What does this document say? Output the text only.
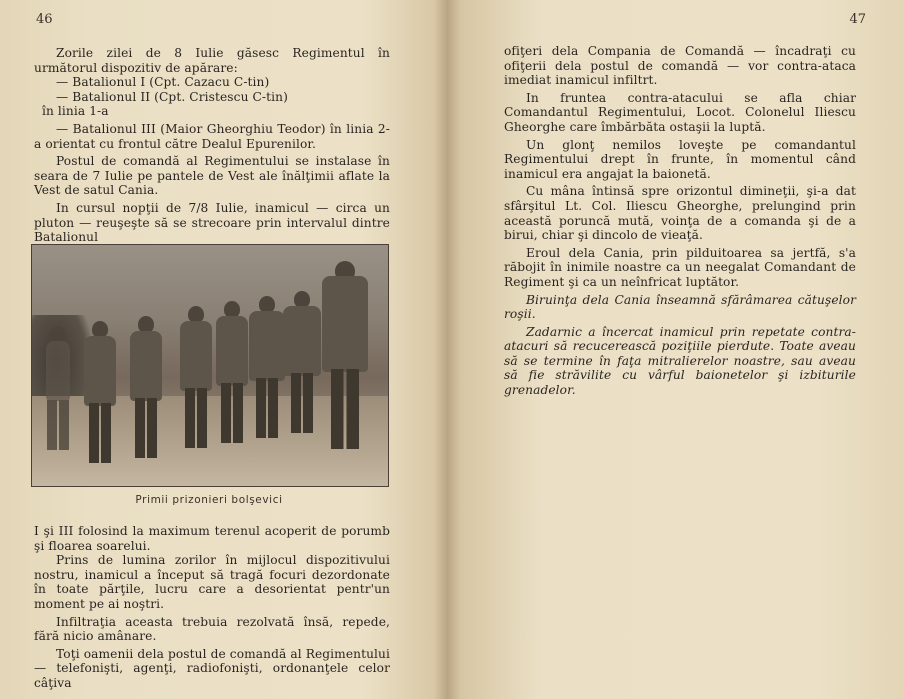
46

Zorile zilei de 8 Iulie găsesc Regimentul în următorul dispozitiv de apărare:

— Batalionul I (Cpt. Cazacu C-tin)

— Batalionul II (Cpt. Cristescu C-tin)

în linia 1-a

— Batalionul III (Maior Gheorghiu Teodor) în linia 2-a orientat cu frontul către Dealul Epurenilor.

Postul de comandă al Regimentului se instalase în seara de 7 Iulie pe pantele de Vest ale înălţimii aflate la Vest de satul Cania.

In cursul nopţii de 7/8 Iulie, inamicul — circa un pluton — reuşeşte să se strecoare prin intervalul dintre Batalionul

Primii prizonieri bolşevici

I şi III folosind la maximum terenul acoperit de porumb şi floarea soarelui.

Prins de lumina zorilor în mijlocul dispozitivului nostru, inamicul a început să tragă focuri dezordonate în toate părţile, lucru care a desorientat pentr'un moment pe ai noştri.

Infiltraţia aceasta trebuia rezolvată însă, repede, fără nicio amânare.

Toţi oamenii dela postul de comandă al Regimentului — telefonişti, agenţi, radiofonişti, ordonanţele celor câţiva

47

ofiţeri dela Compania de Comandă — încadraţi cu ofiţerii dela postul de comandă — vor contra-ataca imediat inamicul infiltrt.

In fruntea contra-atacului se afla chiar Comandantul Regimentului, Locot. Colonelul Iliescu Gheorghe care îmbărbăta ostaşii la luptă.

Un glonţ nemilos loveşte pe comandantul Regimentului drept în frunte, în momentul când inamicul era angajat la baionetă.

Cu mâna întinsă spre orizontul dimineţii, şi-a dat sfârşitul Lt. Col. Iliescu Gheorghe, prelungind prin această poruncă mută, voinţa de a comanda şi de a birui, chiar şi dincolo de vieaţă.

Eroul dela Cania, prin pilduitoarea sa jertfă, s'a răbojit în inimile noastre ca un neegalat Comandant de Regiment şi ca un neînfricat luptător.

Biruinţa dela Cania înseamnă sfărâmarea cătuşelor roşii.

Zadarnic a încercat inamicul prin repetate contra-atacuri să recucerească poziţiile pierdute. Toate aveau să se termine în faţa mitralierelor noastre, sau aveau să fie străvilite cu vârful baionetelor şi izbiturile grenadelor.
